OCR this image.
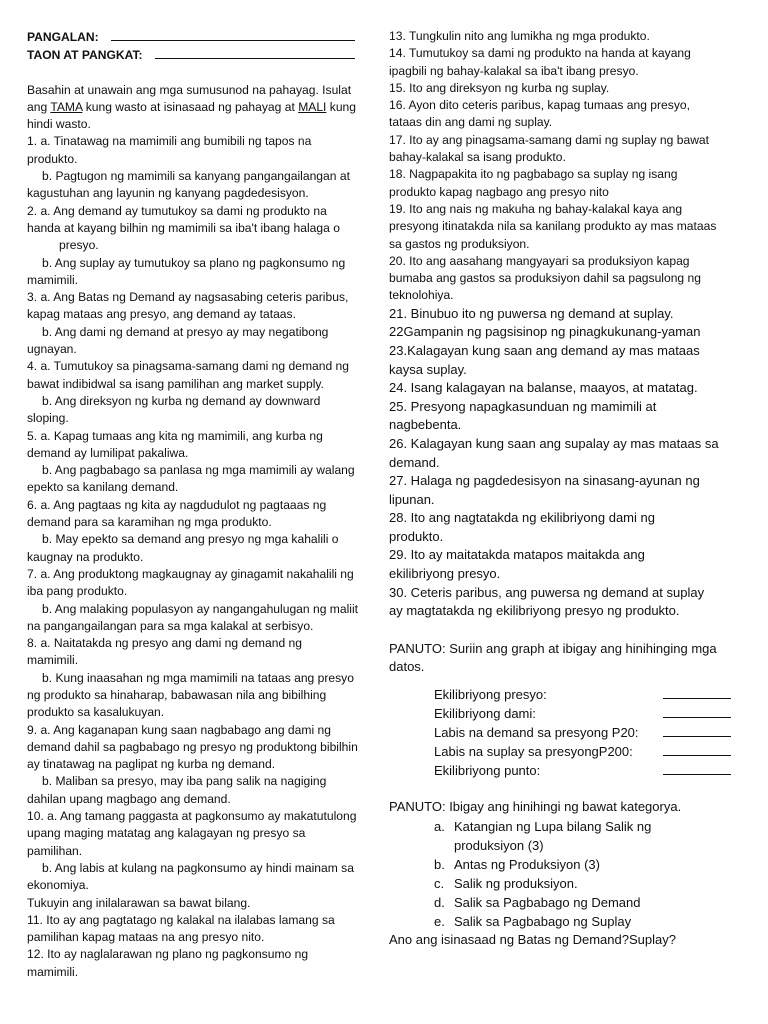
PANGALAN:
TAON AT PANGKAT:

Basahin at unawain ang mga sumusunod na pahayag. Isulat

ang TAMA kung wasto at isinasaad ng pahayag at MALI kung

hindi wasto.

1. a. Tinatawag na mamimili ang bumibili ng tapos na

produkto.

b. Pagtugon ng mamimili sa kanyang pangangailangan at

kagustuhan ang layunin ng kanyang pagdedesisyon.

2. a. Ang demand ay tumutukoy sa dami ng produkto na

handa at kayang bilhin ng mamimili sa iba't ibang halaga o

presyo.

b. Ang suplay ay tumutukoy sa plano ng pagkonsumo ng

mamimili.

3. a. Ang Batas ng Demand ay nagsasabing ceteris paribus,

kapag mataas ang presyo, ang demand ay tataas.

b. Ang dami ng demand at presyo ay may negatibong

ugnayan.

4. a. Tumutukoy sa pinagsama-samang dami ng demand ng

bawat indibidwal sa isang pamilihan ang market supply.

b. Ang direksyon ng kurba ng demand ay downward

sloping.

5. a. Kapag tumaas ang kita ng mamimili, ang kurba ng

demand ay lumilipat pakaliwa.

b. Ang pagbabago sa panlasa ng mga mamimili ay walang

epekto sa kanilang demand.

6. a. Ang pagtaas ng kita ay nagdudulot ng pagtaaas ng

demand para sa karamihan ng mga produkto.

b. May epekto sa demand ang presyo ng mga kahalili o

kaugnay na produkto.

7. a. Ang produktong magkaugnay ay ginagamit nakahalili ng

iba pang produkto.

b. Ang malaking populasyon ay nangangahulugan ng maliit

na pangangailangan para sa mga kalakal at serbisyo.

8. a. Naitatakda ng presyo ang dami ng demand ng

mamimili.

b. Kung inaasahan ng mga mamimili na tataas ang presyo

ng produkto sa hinaharap, babawasan nila ang bibilhing

produkto sa kasalukuyan.

9. a. Ang kaganapan kung saan nagbabago ang dami ng

demand dahil sa pagbabago ng presyo ng produktong bibilhin

ay tinatawag na paglipat ng kurba ng demand.

b. Maliban sa presyo, may iba pang salik na nagiging

dahilan upang magbago ang demand.

10. a. Ang tamang paggasta at pagkonsumo ay makatutulong

upang maging matatag ang kalagayan ng presyo sa

pamilihan.

b. Ang labis at kulang na pagkonsumo ay hindi mainam sa

ekonomiya.

Tukuyin ang inilalarawan sa bawat bilang.

11. Ito ay ang pagtatago ng kalakal na ilalabas lamang sa

pamilihan kapag mataas na ang presyo nito.

12. Ito ay naglalarawan ng plano ng pagkonsumo ng

mamimili.

13. Tungkulin nito ang lumikha ng mga produkto.

14. Tumutukoy sa dami ng produkto na handa at kayang

ipagbili ng bahay-kalakal sa iba't ibang presyo.

15. Ito ang direksyon ng kurba ng suplay.

16. Ayon dito ceteris paribus, kapag tumaas ang presyo,

tataas din ang dami ng suplay.

17. Ito ay ang pinagsama-samang dami ng suplay ng bawat

bahay-kalakal sa isang produkto.

18. Nagpapakita ito ng pagbabago sa suplay ng isang

produkto kapag nagbago ang presyo nito

19. Ito ang nais ng makuha ng bahay-kalakal kaya ang

presyong itinatakda nila sa kanilang produkto ay mas mataas

sa gastos ng produksiyon.

20. Ito ang aasahang mangyayari sa produksiyon kapag

bumaba ang gastos sa produksiyon dahil sa pagsulong ng

teknolohiya.

21. Binubuo ito ng puwersa ng demand at suplay.

22Gampanin ng pagsisinop ng pinagkukunang-yaman

23.Kalagayan kung saan ang demand ay mas mataas

kaysa suplay.

24. Isang kalagayan na balanse, maayos, at matatag.

25. Presyong napagkasunduan ng mamimili at

nagbebenta.

26. Kalagayan kung saan ang supalay ay mas mataas sa

demand.

27. Halaga ng pagdedesisyon na sinasang-ayunan ng

lipunan.

28. Ito ang nagtatakda ng ekilibriyong dami ng

produkto.

29. Ito ay maitatakda matapos maitakda ang

ekilibriyong presyo.

30. Ceteris paribus, ang puwersa ng demand at suplay

ay magtatakda ng ekilibriyong presyo ng produkto.

PANUTO: Suriin ang graph at ibigay ang hinihinging mga

datos.

Ekilibriyong presyo:
Ekilibriyong dami:
Labis na demand sa presyong P20:
Labis na suplay sa presyongP200:
Ekilibriyong punto:

PANUTO: Ibigay ang hinihingi ng bawat kategorya.

a. Katangian ng Lupa bilang Salik ng
produksiyon (3)
b. Antas ng Produksiyon (3)
c. Salik ng produksiyon.
d. Salik sa Pagbabago ng Demand
e. Salik sa Pagbabago ng Suplay

Ano ang isinasaad ng Batas ng Demand?Suplay?
